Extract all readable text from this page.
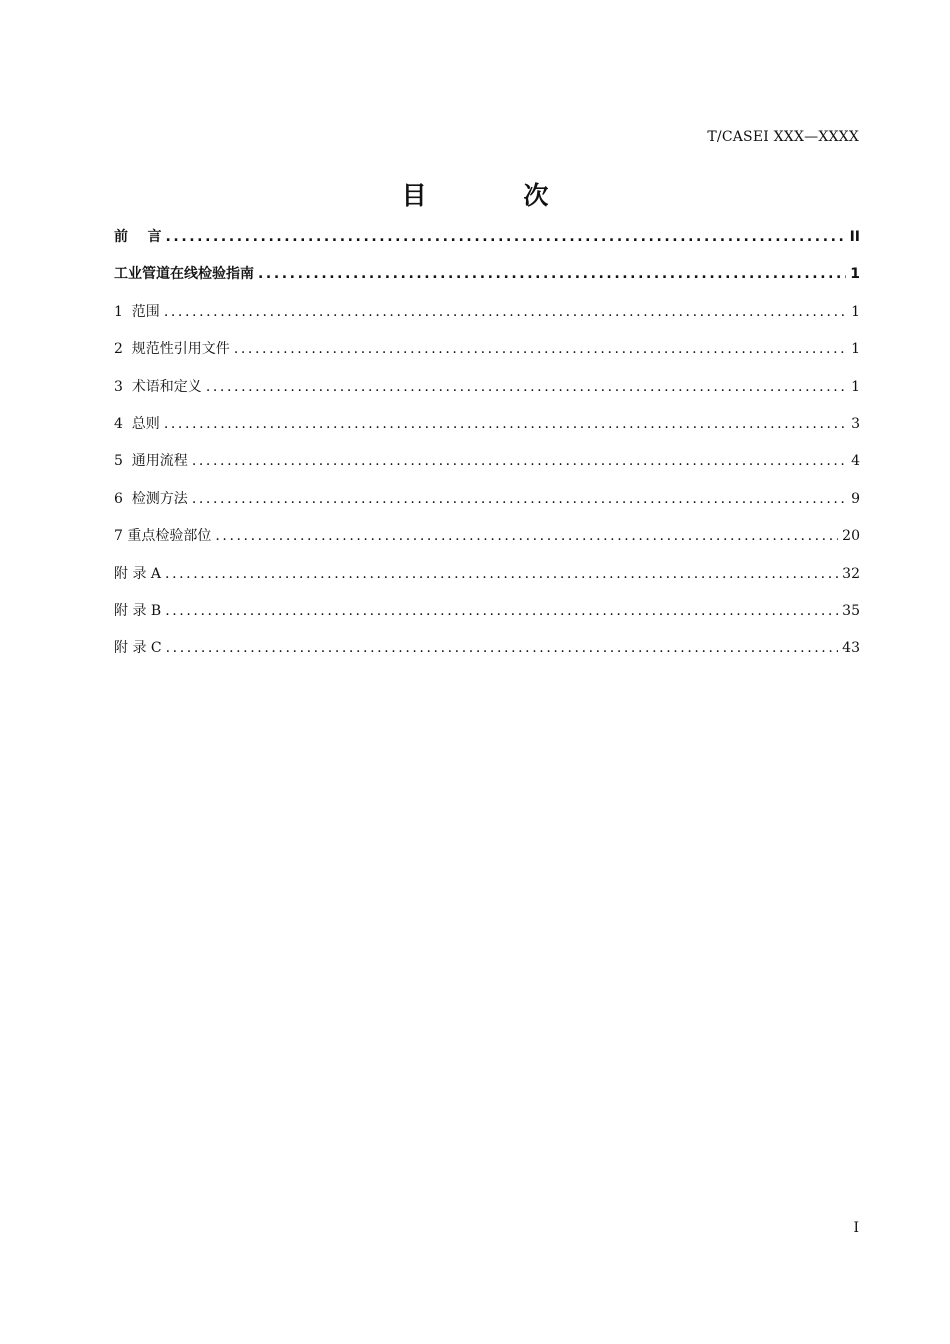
T/CASEI XXX—XXXX
目 次
前    言 .....	II
工业管道在线检验指南 .....	1
1  范围 .....	1
2  规范性引用文件 .....	1
3  术语和定义 .....	1
4  总则 .....	3
5  通用流程 .....	4
6  检测方法 .....	9
7 重点检验部位 .....	20
附 录 A .....	32
附 录 B .....	35
附 录 C .....	43
I
